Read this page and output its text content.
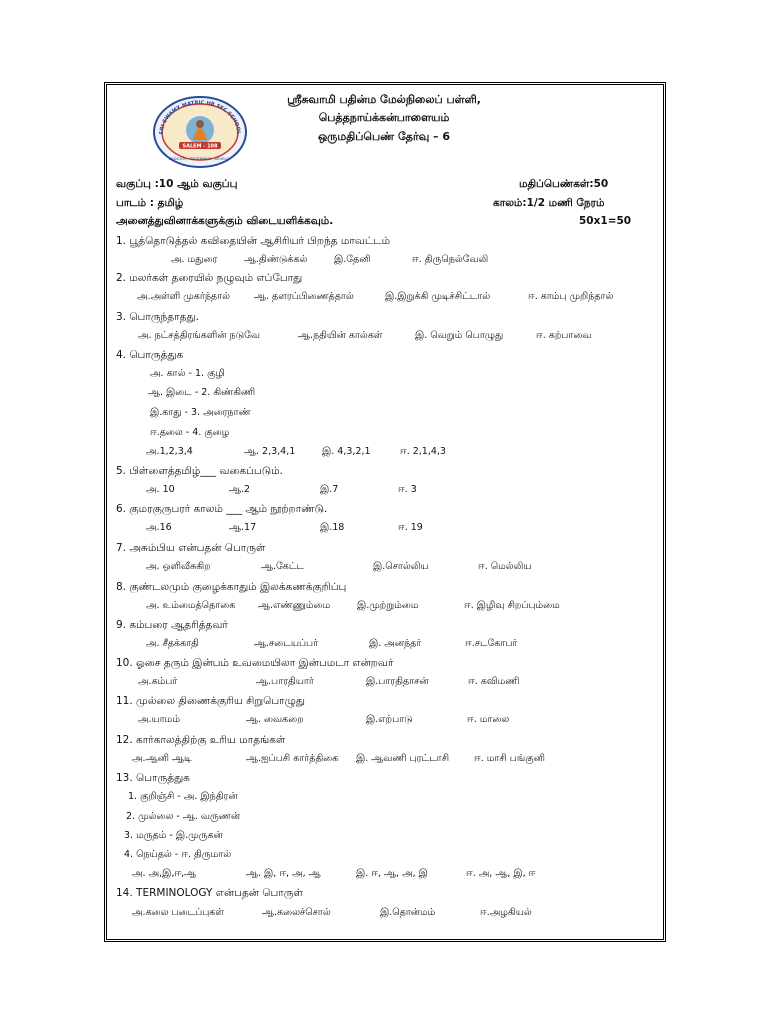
SRI SWAMY MATRIC HR SEC SCHOOL
SALEM - 108
DEDICATE · DETERMINE · DEVELOP
ஸ்ரீசுவாமி பதின்ம மேல்நிலைப் பள்ளி,
பெத்தநாய்க்கன்பாளையம்
ஒருமதிப்பெண் தேர்வு – 6
வகுப்பு :10 ஆம் வகுப்பு	மதிப்பெண்கள்:50
பாடம் : தமிழ்	காலம்:1/2 மணி நேரம்
அனைத்துவினாக்களுக்கும் விடையளிக்கவும்.	50x1=50
1. பூத்தொடுத்தல் கவிதையின் ஆசிரியர் பிறந்த மாவட்டம்
அ. மதுரை	ஆ.திண்டுக்கல்	இ.தேனி	ஈ. திருநெல்வேலி
2. மலர்கள் தரையில் நழுவும் எப்போது
அ.அள்ளி முகர்ந்தால்	ஆ. தளரப்பிணைத்தால்	இ.இறுக்கி முடிச்சிட்டால்	ஈ. காம்பு முறிந்தால்
3. பொருந்தாதது.
அ. நட்சத்திரங்களின் நடுவே	ஆ.நதியின் கால்கள்	இ. வெறும் பொழுது	ஈ. கற்பாவை
4. பொருத்துக
அ. கால் - 1. குழி
ஆ. இடை - 2. கிண்கிணி
இ.காது - 3. அரைநாண்
ஈ.தலை - 4. குழை
அ.1,2,3,4	ஆ. 2,3,4,1	இ. 4,3,2,1	ஈ. 2,1,4,3
5. பிள்ளைத்தமிழ்___ வகைப்படும்.
அ. 10	ஆ.2	இ.7	ஈ. 3
6. குமரகுருபரர் காலம் ___ ஆம் நூற்றாண்டு.
அ.16	ஆ.17	இ.18	ஈ. 19
7. அசும்பிய என்பதன் பொருள்
அ. ஒளிவீசுகிற	ஆ.கேட்ட	இ.சொல்லிய	ஈ. மெல்லிய
8. குண்டலமும் குழைக்காதும் இலக்கணக்குறிப்பு
அ. உம்மைத்தொகை ஆ.எண்ணும்மை	இ.முற்றும்மை	ஈ. இழிவு சிறப்பும்மை
9. கம்பரை ஆதரித்தவர்
அ. சீதக்காதி	ஆ.சடையப்பர்	இ. அனந்தர்	ஈ.சடகோபர்
10. ஓசை தரும் இன்பம் உவமையிலா இன்பமடா என்றவர்
அ.கம்பர்	ஆ.பாரதியார்	இ.பாரதிதாசன்	ஈ. கவிமணி
11. முல்லை திணைக்குரிய சிறுபொழுது
அ.யாமம்	ஆ. வைகறை	இ.எற்பாடு	ஈ. மாலை
12. கார்காலத்திற்கு உரிய மாதங்கள்
அ.ஆனி ஆடி	ஆ.ஐப்பசி கார்த்திகை இ. ஆவணி புரட்டாசி	ஈ. மாசி பங்குனி
13. பொருத்துக
1. குறிஞ்சி - அ. இந்திரன்
2. முல்லை - ஆ. வருணன்
3. மருதம் - இ.முருகன்
4. நெய்தல் - ஈ. திருமால்
அ. அ,இ,ஈ,ஆ	ஆ. இ, ஈ, அ, ஆ	இ. ஈ, ஆ, அ, இ	ஈ. அ, ஆ, இ, ஈ
14. TERMINOLOGY என்பதன் பொருள்
அ.கலை படைப்புகள்	ஆ.கலைச்சொல்	இ.தொன்மம்	ஈ.அழகியல்
